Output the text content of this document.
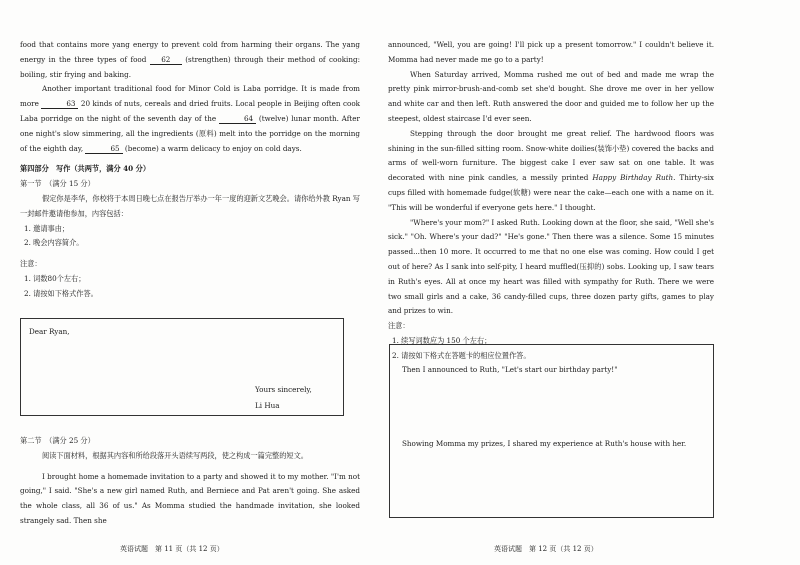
food that contains more yang energy to prevent cold from harming their organs. The yang energy in the three types of food 62 (strengthen) through their method of cooking: boiling, stir frying and baking.

Another important traditional food for Minor Cold is Laba porridge. It is made from more	63 20 kinds of nuts, cereals and dried fruits. Local people in Beijing often cook Laba porridge on the night of the seventh day of the	64 (twelve) lunar month. After one night's slow simmering, all the ingredients (原料) melt into the porridge on the morning of the eighth day,	65 (become) a warm delicacy to enjoy on cold days.

第四部分　写作（共两节，满分 40 分）

第一节　（满分 15 分）

假定你是李华，你校将于本周日晚七点在报告厅举办一年一度的迎新文艺晚会。请你给外教 Ryan 写一封邮件邀请他参加，内容包括：

1. 邀请事由；

2. 晚会内容简介。

注意：

1. 词数80个左右；

2. 请按如下格式作答。

Dear Ryan,
Yours sincerely,
Li Hua

第二节　（满分 25 分）

阅读下面材料，根据其内容和所给段落开头语续写两段，使之构成一篇完整的短文。

I brought home a homemade invitation to a party and showed it to my mother. "I'm not going," I said. "She's a new girl named Ruth, and Berniece and Pat aren't going. She asked the whole class, all 36 of us." As Momma studied the handmade invitation, she looked strangely sad. Then she

announced, "Well, you are going! I'll pick up a present tomorrow." I couldn't believe it. Momma had never made me go to a party!

When Saturday arrived, Momma rushed me out of bed and made me wrap the pretty pink mirror-brush-and-comb set she'd bought. She drove me over in her yellow and white car and then left. Ruth answered the door and guided me to follow her up the steepest, oldest staircase I'd ever seen.

Stepping through the door brought me great relief. The hardwood floors was shining in the sun-filled sitting room. Snow-white doilies(装饰小垫) covered the backs and arms of well-worn furniture. The biggest cake I ever saw sat on one table. It was decorated with nine pink candles, a messily printed Happy Birthday Ruth. Thirty-six cups filled with homemade fudge(软糖) were near the cake—each one with a name on it. "This will be wonderful if everyone gets here." I thought.

"Where's your mom?" I asked Ruth. Looking down at the floor, she said, "Well she's sick." "Oh. Where's your dad?" "He's gone." Then there was a silence. Some 15 minutes passed...then 10 more. It occurred to me that no one else was coming. How could I get out of here? As I sank into self-pity, I heard muffled(压抑的) sobs. Looking up, I saw tears in Ruth's eyes. All at once my heart was filled with sympathy for Ruth. There we were two small girls and a cake, 36 candy-filled cups, three dozen party gifts, games to play and prizes to win.

注意：

1. 续写词数应为 150 个左右；

2. 请按如下格式在答题卡的相应位置作答。

Then I announced to Ruth, "Let's start our birthday party!"
Showing Momma my prizes, I shared my experience at Ruth's house with her.
英语试题　第 11 页（共 12 页）	英语试题　第 12 页（共 12 页）
